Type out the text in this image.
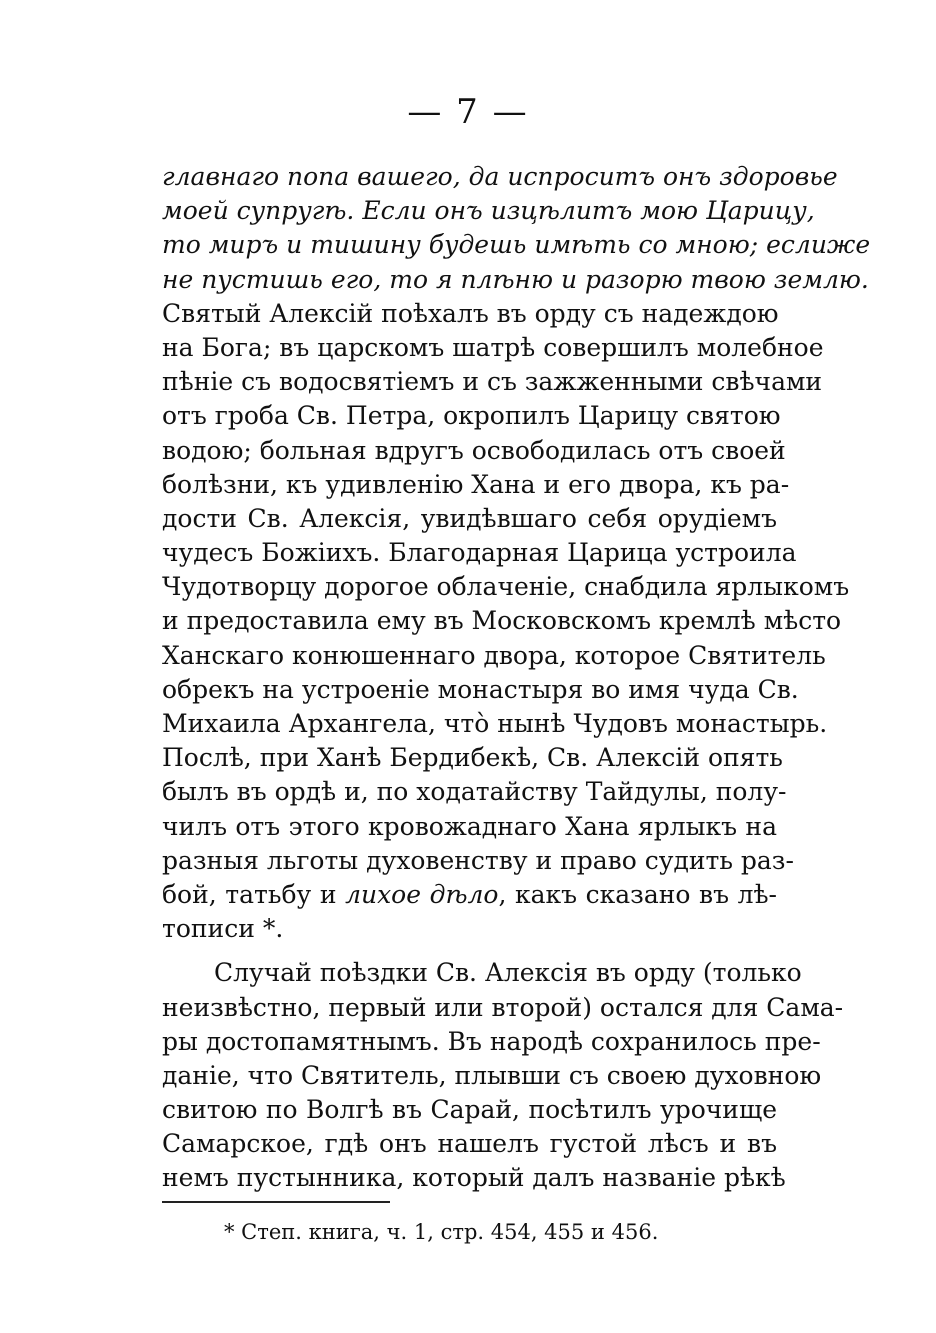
— 7 —
главнаго попа вашего, да испроситъ онъ здоровье
моей супругѣ. Если онъ изцѣлитъ мою Царицу,
то миръ и тишину будешь имѣть со мною; еслиже
не пустишь его, то я плѣню и разорю твою землю.
Святый Алексій поѣхалъ въ орду съ надеждою
на Бога; въ царскомъ шатрѣ совершилъ молебное
пѣніе съ водосвятіемъ и съ зажженными свѣчами
отъ гроба Св. Петра, окропилъ Царицу святою
водою; больная вдругъ освободилась отъ своей
болѣзни, къ удивленію Хана и его двора, къ ра-
дости Св. Алексія, увидѣвшаго себя орудіемъ
чудесъ Божіихъ. Благодарная Царица устроила
Чудотворцу дорогое облаченіе, снабдила ярлыкомъ
и предоставила ему въ Московскомъ кремлѣ мѣсто
Ханскаго конюшеннаго двора, которое Святитель
обрекъ на устроеніе монастыря во имя чуда Св.
Михаила Архангела, что̀ нынѣ Чудовъ монастырь.
Послѣ, при Ханѣ Бердибекѣ, Св. Алексій опять
былъ въ ордѣ и, по ходатайству Тайдулы, полу-
чилъ отъ этого кровожаднаго Хана ярлыкъ на
разныя льготы духовенству и право судить раз-
бой, татьбу и лихое дѣло, какъ сказано въ лѣ-
тописи *.
Случай поѣздки Св. Алексія въ орду (только
неизвѣстно, первый или второй) остался для Сама-
ры достопамятнымъ. Въ народѣ сохранилось пре-
даніе, что Святитель, плывши съ своею духовною
свитою по Волгѣ въ Сарай, посѣтилъ урочище
Самарское, гдѣ онъ нашелъ густой лѣсъ и въ
немъ пустынника, который далъ названіе рѣкѣ
* Степ. книга, ч. 1, стр. 454, 455 и 456.
